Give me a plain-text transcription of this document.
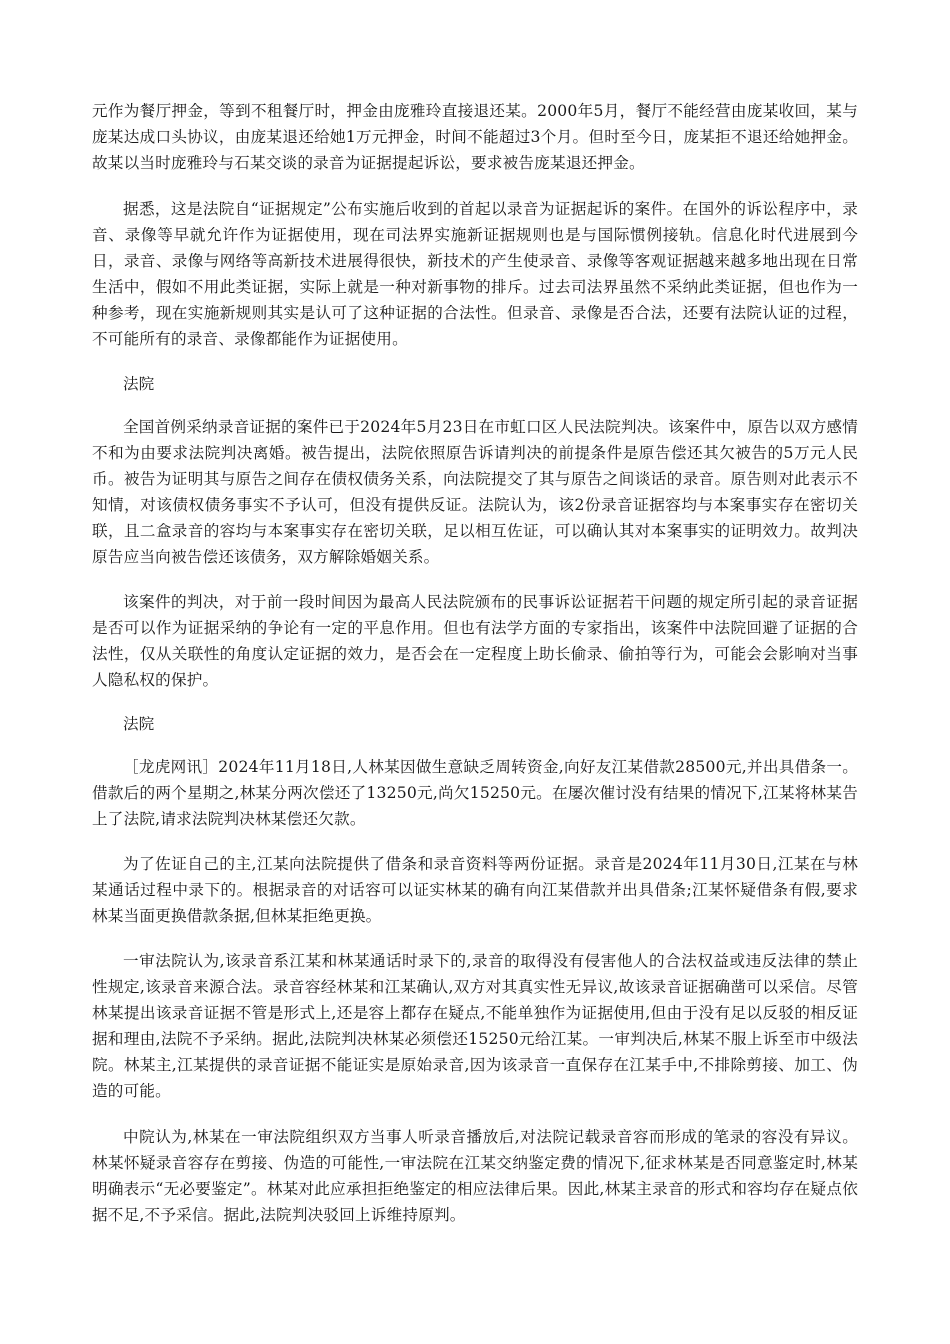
元作为餐厅押金，等到不租餐厅时，押金由庞雅玲直接退还某。2000年5月，餐厅不能经营由庞某收回，某与庞某达成口头协议，由庞某退还给她1万元押金，时间不能超过3个月。但时至今日，庞某拒不退还给她押金。故某以当时庞雅玲与石某交谈的录音为证据提起诉讼，要求被告庞某退还押金。

据悉，这是法院自“证据规定”公布实施后收到的首起以录音为证据起诉的案件。在国外的诉讼程序中，录音、录像等早就允许作为证据使用，现在司法界实施新证据规则也是与国际惯例接轨。信息化时代进展到今日，录音、录像与网络等高新技术进展得很快，新技术的产生使录音、录像等客观证据越来越多地出现在日常生活中，假如不用此类证据，实际上就是一种对新事物的排斥。过去司法界虽然不采纳此类证据，但也作为一种参考，现在实施新规则其实是认可了这种证据的合法性。但录音、录像是否合法，还要有法院认证的过程，不可能所有的录音、录像都能作为证据使用。

法院

全国首例采纳录音证据的案件已于2024年5月23日在市虹口区人民法院判决。该案件中，原告以双方感情不和为由要求法院判决离婚。被告提出，法院依照原告诉请判决的前提条件是原告偿还其欠被告的5万元人民币。被告为证明其与原告之间存在债权债务关系，向法院提交了其与原告之间谈话的录音。原告则对此表示不知情，对该债权债务事实不予认可，但没有提供反证。法院认为，该2份录音证据容均与本案事实存在密切关联，且二盒录音的容均与本案事实存在密切关联，足以相互佐证，可以确认其对本案事实的证明效力。故判决原告应当向被告偿还该债务，双方解除婚姻关系。

该案件的判决，对于前一段时间因为最高人民法院颁布的民事诉讼证据若干问题的规定所引起的录音证据是否可以作为证据采纳的争论有一定的平息作用。但也有法学方面的专家指出，该案件中法院回避了证据的合法性，仅从关联性的角度认定证据的效力，是否会在一定程度上助长偷录、偷拍等行为，可能会会影响对当事人隐私权的保护。

法院

［龙虎网讯］2024年11月18日,人林某因做生意缺乏周转资金,向好友江某借款28500元,并出具借条一。借款后的两个星期之,林某分两次偿还了13250元,尚欠15250元。在屡次催讨没有结果的情况下,江某将林某告上了法院,请求法院判决林某偿还欠款。

为了佐证自己的主,江某向法院提供了借条和录音资料等两份证据。录音是2024年11月30日,江某在与林某通话过程中录下的。根据录音的对话容可以证实林某的确有向江某借款并出具借条;江某怀疑借条有假,要求林某当面更换借款条据,但林某拒绝更换。

一审法院认为,该录音系江某和林某通话时录下的,录音的取得没有侵害他人的合法权益或违反法律的禁止性规定,该录音来源合法。录音容经林某和江某确认,双方对其真实性无异议,故该录音证据确凿可以采信。尽管林某提出该录音证据不管是形式上,还是容上都存在疑点,不能单独作为证据使用,但由于没有足以反驳的相反证据和理由,法院不予采纳。据此,法院判决林某必须偿还15250元给江某。一审判决后,林某不服上诉至市中级法院。林某主,江某提供的录音证据不能证实是原始录音,因为该录音一直保存在江某手中,不排除剪接、加工、伪造的可能。

中院认为,林某在一审法院组织双方当事人听录音播放后,对法院记载录音容而形成的笔录的容没有异议。林某怀疑录音容存在剪接、伪造的可能性,一审法院在江某交纳鉴定费的情况下,征求林某是否同意鉴定时,林某明确表示“无必要鉴定”。林某对此应承担拒绝鉴定的相应法律后果。因此,林某主录音的形式和容均存在疑点依据不足,不予采信。据此,法院判决驳回上诉维持原判。
